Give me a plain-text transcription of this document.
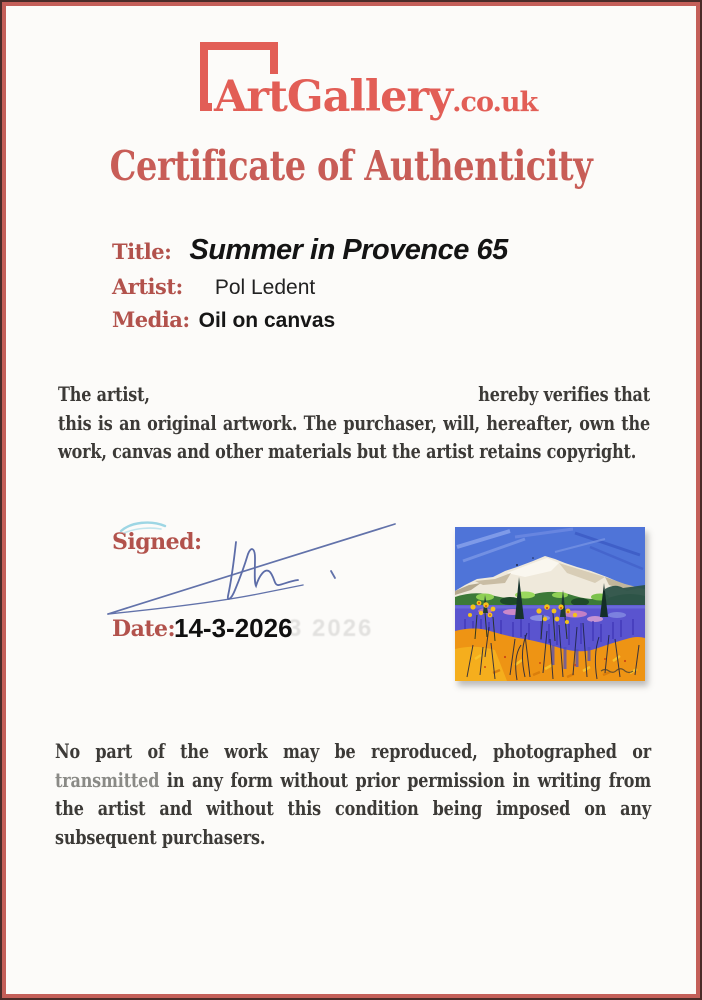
ArtGallery.co.uk
Certificate of Authenticity
Title: Summer in Provence 65
Artist: Pol Ledent
Media: Oil on canvas
The artist,	hereby verifies that
this is an original artwork. The purchaser, will, hereafter, own the work, canvas and other materials but the artist retains copyright.
Signed:
Date:
14-3-2026
3 2026

No part of the work may be reproduced, photographed or transmitted in any form without prior permission in writing from the artist and without this condition being imposed on any subsequent purchasers.
